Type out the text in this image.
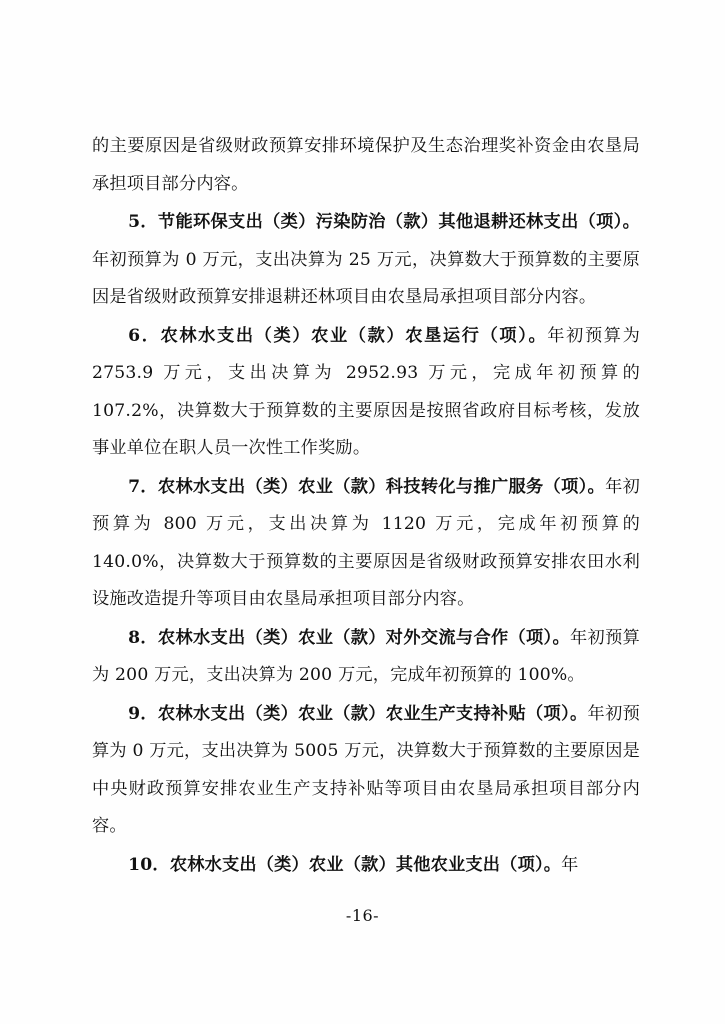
的主要原因是省级财政预算安排环境保护及生态治理奖补资金由农垦局承担项目部分内容。

5．节能环保支出（类）污染防治（款）其他退耕还林支出（项）。年初预算为 0 万元，支出决算为 25 万元，决算数大于预算数的主要原因是省级财政预算安排退耕还林项目由农垦局承担项目部分内容。

6．农林水支出（类）农业（款）农垦运行（项）。年初预算为 2753.9 万元，支出决算为 2952.93 万元，完成年初预算的 107.2%，决算数大于预算数的主要原因是按照省政府目标考核，发放事业单位在职人员一次性工作奖励。

7．农林水支出（类）农业（款）科技转化与推广服务（项）。年初预算为 800 万元，支出决算为 1120 万元，完成年初预算的 140.0%，决算数大于预算数的主要原因是省级财政预算安排农田水利设施改造提升等项目由农垦局承担项目部分内容。

8．农林水支出（类）农业（款）对外交流与合作（项）。年初预算为 200 万元，支出决算为 200 万元，完成年初预算的 100%。

9．农林水支出（类）农业（款）农业生产支持补贴（项）。年初预算为 0 万元，支出决算为 5005 万元，决算数大于预算数的主要原因是中央财政预算安排农业生产支持补贴等项目由农垦局承担项目部分内容。

10．农林水支出（类）农业（款）其他农业支出（项）。年

-16-
